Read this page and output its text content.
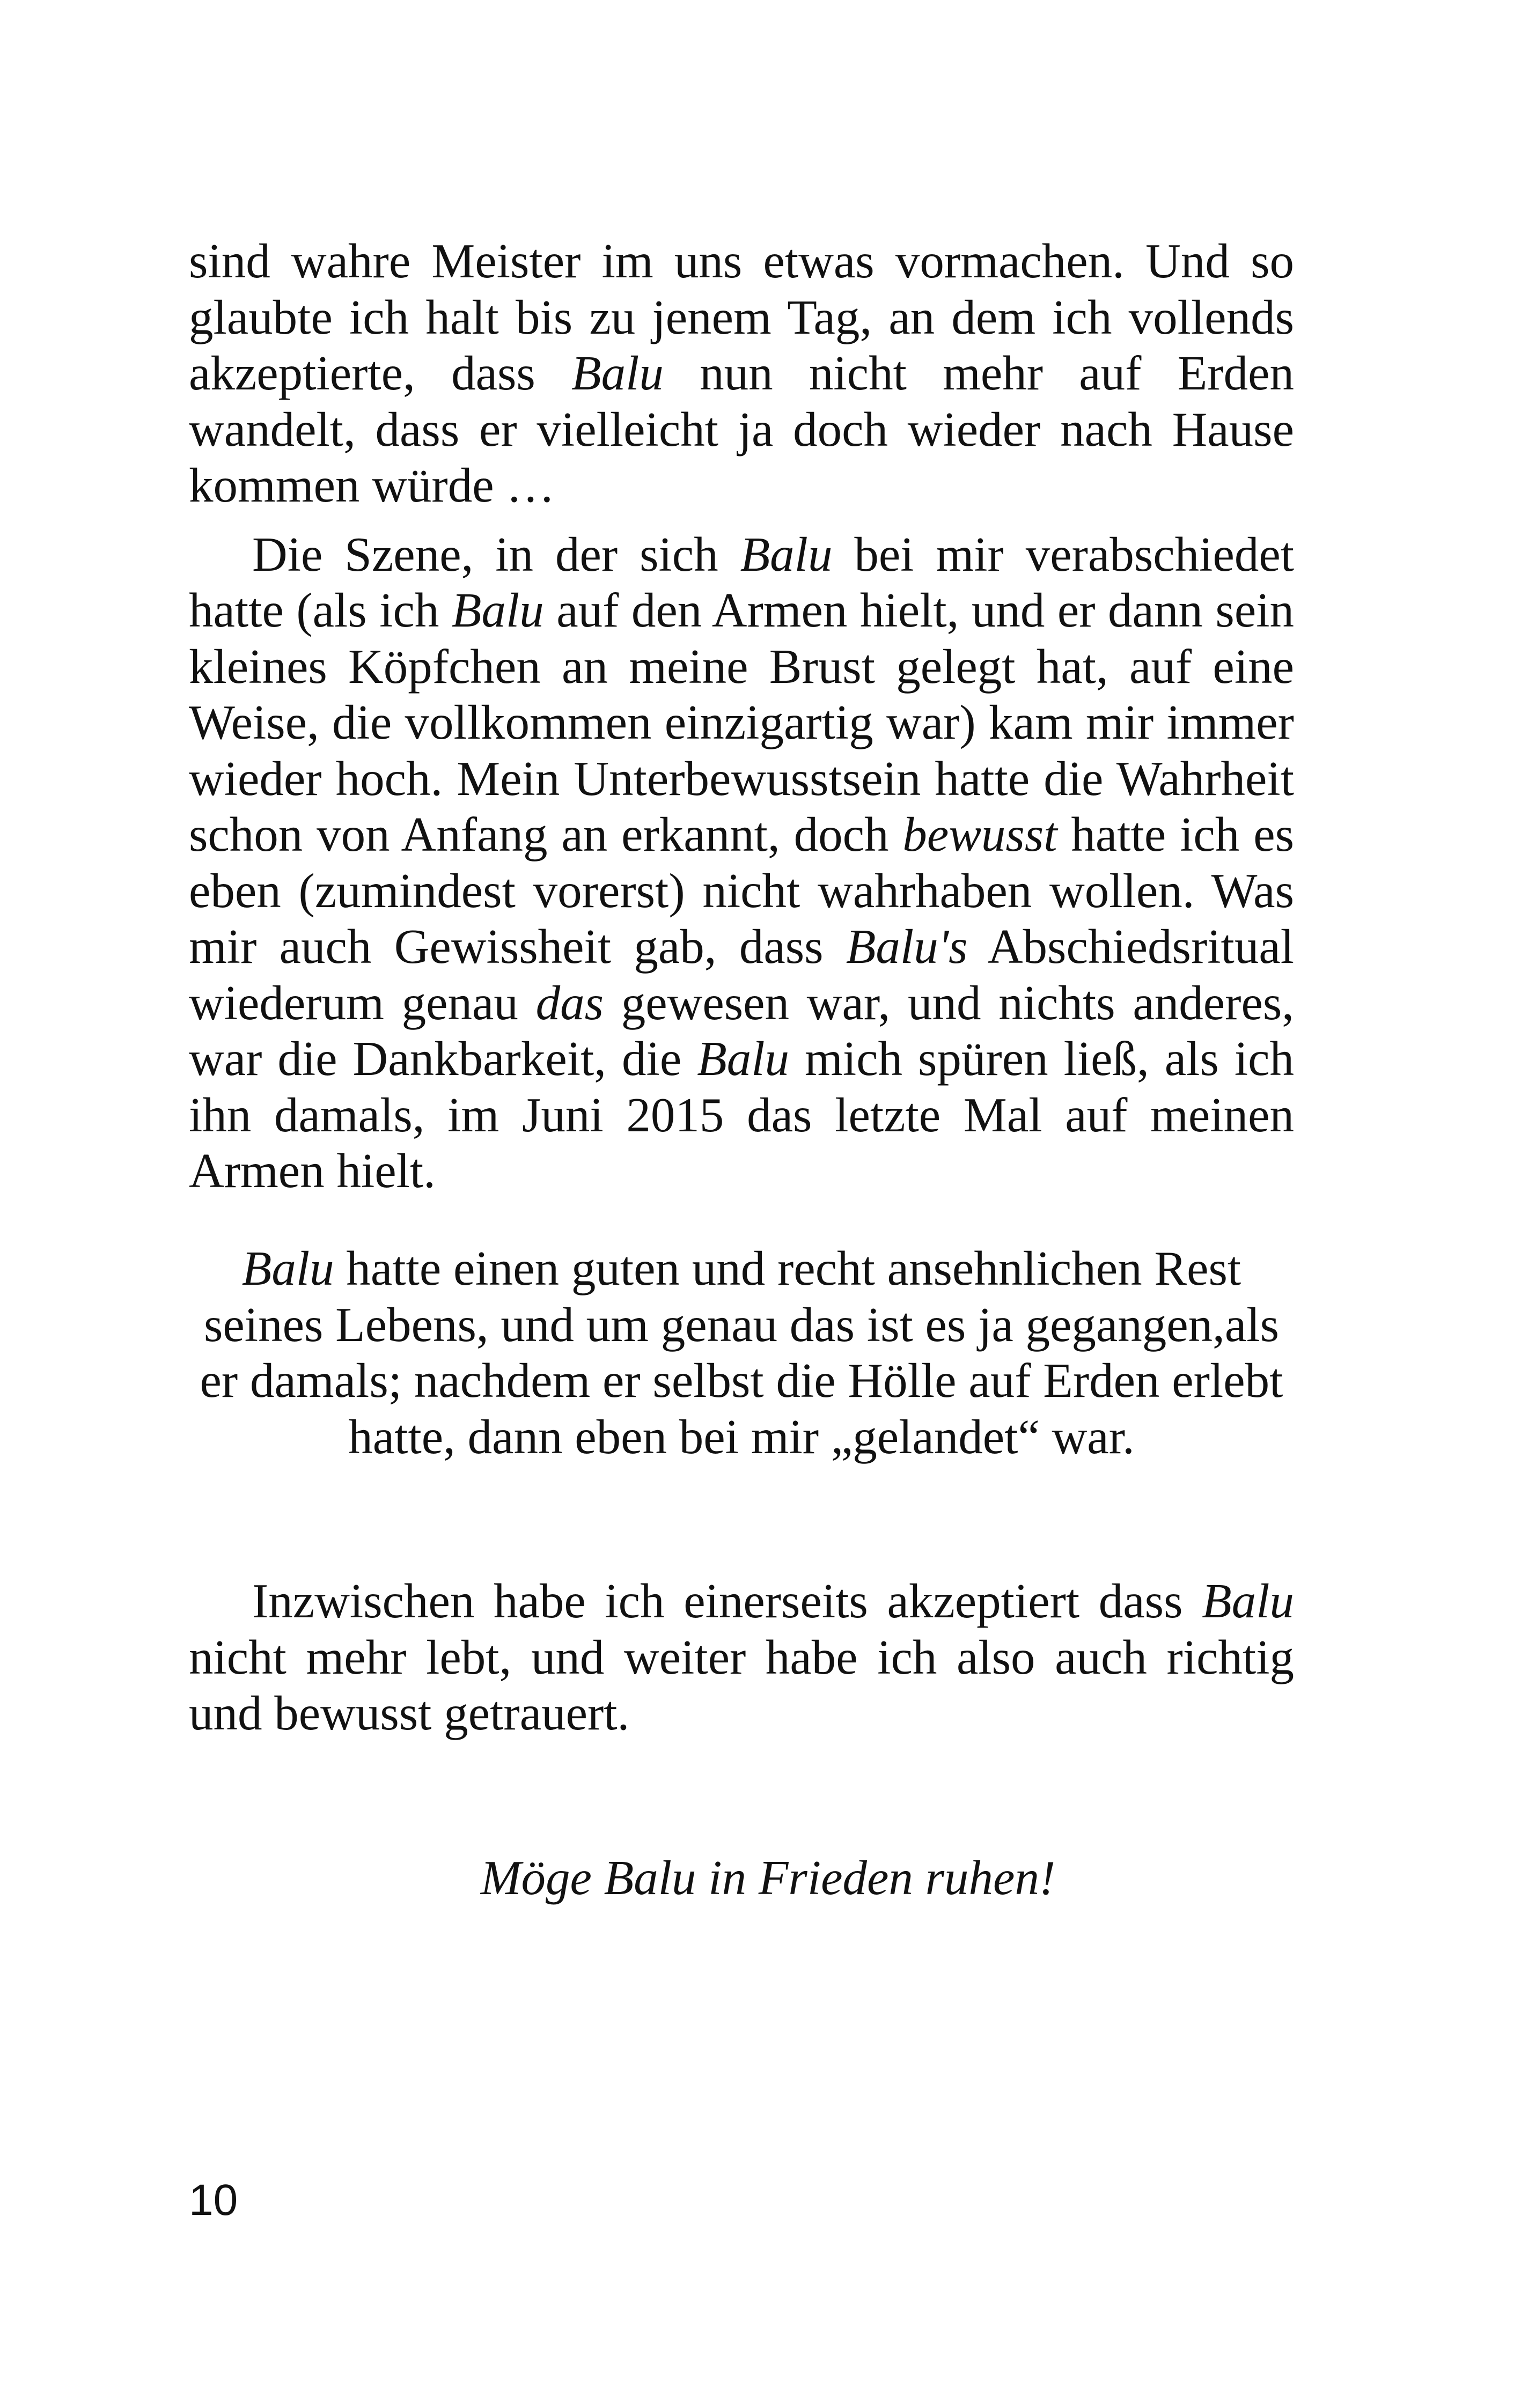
sind wahre Meister im uns etwas vormachen. Und so glaubte ich halt bis zu jenem Tag, an dem ich vollends akzeptierte, dass Balu nun nicht mehr auf Erden wandelt, dass er vielleicht ja doch wieder nach Hause kommen würde …

Die Szene, in der sich Balu bei mir verabschiedet hatte (als ich Balu auf den Armen hielt, und er dann sein kleines Köpfchen an meine Brust gelegt hat, auf eine Weise, die vollkommen einzigartig war) kam mir immer wieder hoch. Mein Unterbewusstsein hatte die Wahrheit schon von Anfang an erkannt, doch bewusst hatte ich es eben (zumindest vorerst) nicht wahrhaben wollen. Was mir auch Gewissheit gab, dass Balu's Abschiedsritual wiederum genau das gewesen war, und nichts anderes, war die Dankbarkeit, die Balu mich spüren ließ, als ich ihn damals, im Juni 2015 das letzte Mal auf meinen Armen hielt.

Balu hatte einen guten und recht ansehnlichen Rest seines Lebens, und um genau das ist es ja gegangen,als er damals; nachdem er selbst die Hölle auf Erden erlebt hatte, dann eben bei mir „gelandet“ war.

Inzwischen habe ich einerseits akzeptiert dass Balu nicht mehr lebt, und weiter habe ich also auch richtig und bewusst getrauert.

Möge Balu in Frieden ruhen!

10
